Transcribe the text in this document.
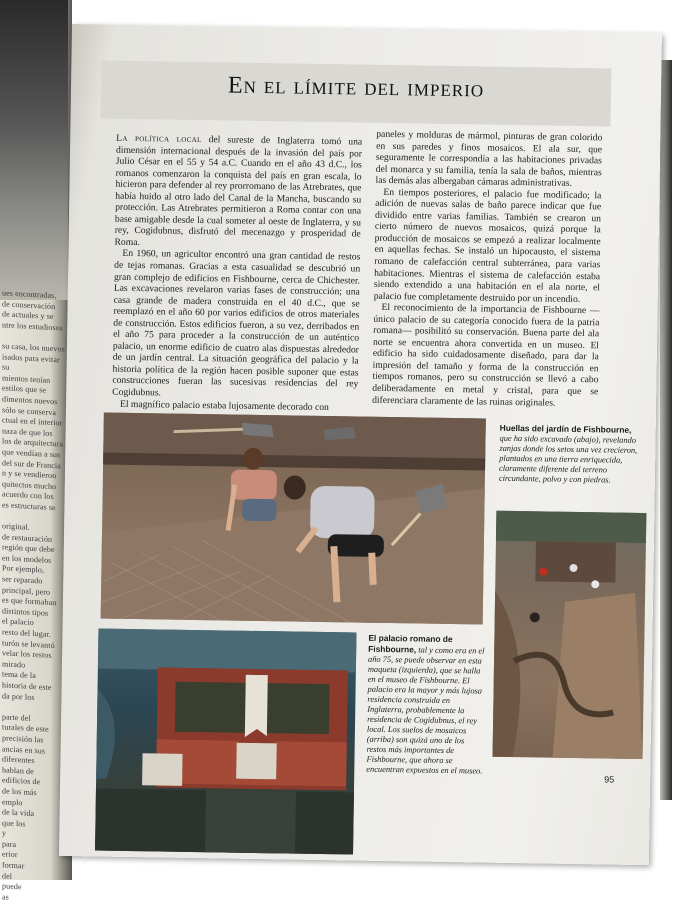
ues encontradas,
de conservación
de actuales y se
ntre los estudiosos

su casa, los nuevos
isados para evitar su
mientos tenían
estilos que se
dimentos nuevos
sólo se conserva
ctual en el interior
naza de que los
los de arquitectura
que vendían a sus
del sur de Francia
n y se vendieron
quitectos mucho
acuerdo con los
es estructuras se

original.
de restauración
región que debe
en los modelos
Por ejemplo,
ser reparado
principal, pero
es que formaban
distintos tipos
el palacio
resto del lugar.
turón se levantó
velar los restos
mirado
tema de la
historia de este
da por los

parte del
turales de este
precisión las
ancias en sus
diferentes
hablan de
edificios de
de los más
emplo
de la vida
que los
y
para
erior
formar
del
puede
as
En el límite del imperio

La política local del sureste de Inglaterra tomó una dimensión internacional después de la invasión del país por Julio César en el 55 y 54 a.C. Cuando en el año 43 d.C., los romanos comenzaron la conquista del país en gran escala, lo hicieron para defender al rey prorromano de las Atrebrates, que había huido al otro lado del Canal de la Mancha, buscando su protección. Las Atrebrates permitieron a Roma contar con una base amigable desde la cual someter al oeste de Inglaterra, y su rey, Cogidubnus, disfrutó del mecenazgo y prosperidad de Roma.

En 1960, un agricultor encontró una gran cantidad de restos de tejas romanas. Gracias a esta casualidad se descubrió un gran complejo de edificios en Fishbourne, cerca de Chichester. Las excavaciones revelaron varias fases de construcción; una casa grande de madera construida en el 40 d.C., que se reemplazó en el año 60 por varios edificios de otros materiales de construcción. Estos edificios fueron, a su vez, derribados en el año 75 para proceder a la construcción de un auténtico palacio, un enorme edificio de cuatro alas dispuestas alrededor de un jardín central. La situación geográfica del palacio y la historia política de la región hacen posible suponer que estas construcciones fueran las sucesivas residencias del rey Cogidubnus.

El magnífico palacio estaba lujosamente decorado con

paneles y molduras de mármol, pinturas de gran colorido en sus paredes y finos mosaicos. El ala sur, que seguramente le correspondía a las habitaciones privadas del monarca y su familia, tenía la sala de baños, mientras las demás alas albergaban cámaras administrativas.

En tiempos posteriores, el palacio fue modificado; la adición de nuevas salas de baño parece indicar que fue dividido entre varias familias. También se crearon un cierto número de nuevos mosaicos, quizá porque la producción de mosaicos se empezó a realizar localmente en aquellas fechas. Se instaló un hipocausto, el sistema romano de calefacción central subterránea, para varias habitaciones. Mientras el sistema de calefacción estaba siendo extendido a una habitación en el ala norte, el palacio fue completamente destruido por un incendio.

El reconocimiento de la importancia de Fishbourne —único palacio de su categoría conocido fuera de la patria romana— posibilitó su conservación. Buena parte del ala norte se encuentra ahora convertida en un museo. El edificio ha sido cuidadosamente diseñado, para dar la impresión del tamaño y forma de la construcción en tiempos romanos, pero su construcción se llevó a cabo deliberadamente en metal y cristal, para que se diferenciara claramente de las ruinas originales.

Huellas del jardín de Fishbourne, que ha sido excavado (abajo), revelando zanjas donde los setos una vez crecieron, plantados en una tierra enriquecida, claramente diferente del terreno circundante, polvo y con piedras.
El palacio romano de Fishbourne, tal y como era en el año 75, se puede observar en esta maqueta (izquierda), que se halla en el museo de Fishbourne. El palacio era la mayor y más lujosa residencia construida en Inglaterra, probablemente la residencia de Cogidubnus, el rey local. Los suelos de mosaicos (arriba) son quizá uno de los restos más importantes de Fishbourne, que ahora se encuentran expuestos en el museo.
95
